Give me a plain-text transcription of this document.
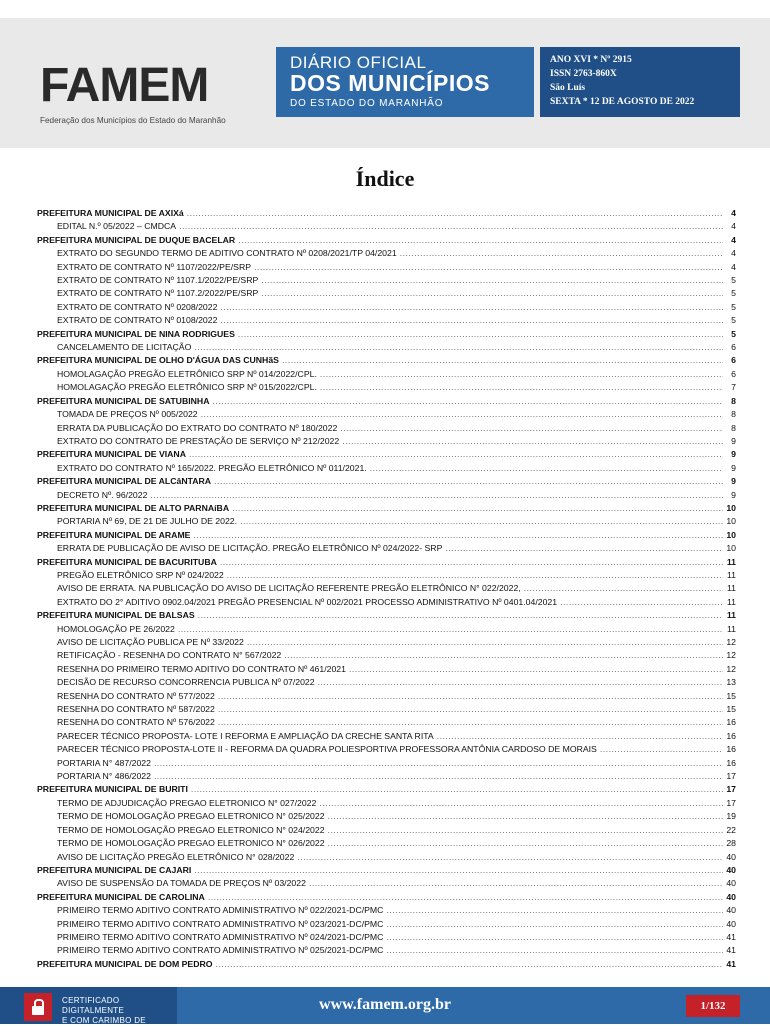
FAMEM
Federação dos Municípios do Estado do Maranhão
DIÁRIO OFICIAL
DOS MUNICÍPIOS
DO ESTADO DO MARANHÃO
ANO XVI * Nº 2915
ISSN 2763-860X
São Luís
SEXTA * 12 DE AGOSTO DE 2022
Índice
PREFEITURA MUNICIPAL DE AXIXá .....	4
EDITAL N.º 05/2022 – CMDCA .....	4
PREFEITURA MUNICIPAL DE DUQUE BACELAR .....	4
EXTRATO DO SEGUNDO TERMO DE ADITIVO CONTRATO Nº 0208/2021/TP 04/2021 .....	4
EXTRATO DE CONTRATO Nº 1107/2022/PE/SRP .....	4
EXTRATO DE CONTRATO Nº 1107.1/2022/PE/SRP .....	5
EXTRATO DE CONTRATO Nº 1107.2/2022/PE/SRP .....	5
EXTRATO DE CONTRATO Nº 0208/2022 .....	5
EXTRATO DE CONTRATO Nº 0108/2022 .....	5
PREFEITURA MUNICIPAL DE NINA RODRIGUES .....	5
CANCELAMENTO DE LICITAÇÃO .....	6
PREFEITURA MUNICIPAL DE OLHO D'ÁGUA DAS CUNHãS .....	6
HOMOLAGAÇÃO PREGÃO ELETRÔNICO SRP Nº 014/2022/CPL. .....	6
HOMOLAGAÇÃO PREGÃO ELETRÔNICO SRP Nº 015/2022/CPL. .....	7
PREFEITURA MUNICIPAL DE SATUBINHA .....	8
TOMADA DE PREÇOS Nº 005/2022 .....	8
ERRATA DA PUBLICAÇÃO DO EXTRATO DO CONTRATO Nº 180/2022 .....	8
EXTRATO DO CONTRATO DE PRESTAÇÃO DE SERVIÇO Nº 212/2022 .....	9
PREFEITURA MUNICIPAL DE VIANA .....	9
EXTRATO DO CONTRATO Nº 165/2022. PREGÃO ELETRÔNICO Nº 011/2021. .....	9
PREFEITURA MUNICIPAL DE ALCâNTARA .....	9
DECRETO Nº. 96/2022 .....	9
PREFEITURA MUNICIPAL DE ALTO PARNAíBA .....	10
PORTARIA Nº 69, DE 21 DE JULHO DE 2022. .....	10
PREFEITURA MUNICIPAL DE ARAME .....	10
ERRATA DE PUBLICAÇÃO DE AVISO DE LICITAÇÃO. PREGÃO ELETRÔNICO Nº 024/2022- SRP .....	10
PREFEITURA MUNICIPAL DE BACURITUBA .....	11
PREGÃO ELETRÔNICO SRP Nº 024/2022 .....	11
AVISO DE ERRATA. NA PUBLICAÇÃO DO AVISO DE LICITAÇÃO REFERENTE PREGÃO ELETRÔNICO N° 022/2022, .....	11
EXTRATO DO 2° ADITIVO 0902.04/2021 PREGÃO PRESENCIAL Nº 002/2021 PROCESSO ADMINISTRATIVO Nº 0401.04/2021 .....	11
PREFEITURA MUNICIPAL DE BALSAS .....	11
HOMOLOGAÇÃO PE 26/2022 .....	11
AVISO DE LICITAÇÃO PUBLICA PE Nº 33/2022 .....	12
RETIFICAÇÃO - RESENHA DO CONTRATO N° 567/2022 .....	12
RESENHA DO PRIMEIRO TERMO ADITIVO DO CONTRATO Nº 461/2021 .....	12
DECISÃO DE RECURSO CONCORRENCIA PUBLICA Nº 07/2022 .....	13
RESENHA DO CONTRATO Nº 577/2022 .....	15
RESENHA DO CONTRATO Nº 587/2022 .....	15
RESENHA DO CONTRATO Nº 576/2022 .....	16
PARECER TÉCNICO PROPOSTA- LOTE I REFORMA E AMPLIAÇÃO DA CRECHE SANTA RITA .....	16
PARECER TÉCNICO PROPOSTA-LOTE II - REFORMA DA QUADRA POLIESPORTIVA PROFESSORA ANTÔNIA CARDOSO DE MORAIS .....	16
PORTARIA N° 487/2022 .....	16
PORTARIA N° 486/2022 .....	17
PREFEITURA MUNICIPAL DE BURITI .....	17
TERMO DE ADJUDICAÇÃO PREGAO ELETRONICO N° 027/2022 .....	17
TERMO DE HOMOLOGAÇÃO PREGAO ELETRONICO N° 025/2022 .....	19
TERMO DE HOMOLOGAÇÃO PREGAO ELETRONICO N° 024/2022 .....	22
TERMO DE HOMOLOGAÇÃO PREGAO ELETRONICO N° 026/2022 .....	28
AVISO DE LICITAÇÃO PREGÃO ELETRÔNICO N° 028/2022 .....	40
PREFEITURA MUNICIPAL DE CAJARI .....	40
AVISO DE SUSPENSÃO DA TOMADA DE PREÇOS Nº 03/2022 .....	40
PREFEITURA MUNICIPAL DE CAROLINA .....	40
PRIMEIRO TERMO ADITIVO CONTRATO ADMINISTRATIVO Nº 022/2021-DC/PMC .....	40
PRIMEIRO TERMO ADITIVO CONTRATO ADMINISTRATIVO Nº 023/2021-DC/PMC .....	40
PRIMEIRO TERMO ADITIVO CONTRATO ADMINISTRATIVO Nº 024/2021-DC/PMC .....	41
PRIMEIRO TERMO ADITIVO CONTRATO ADMINISTRATIVO Nº 025/2021-DC/PMC .....	41
PREFEITURA MUNICIPAL DE DOM PEDRO .....	41
CERTIFICADO DIGITALMENTE
E COM CARIMBO DE TEMPO
www.famem.org.br	1/132
